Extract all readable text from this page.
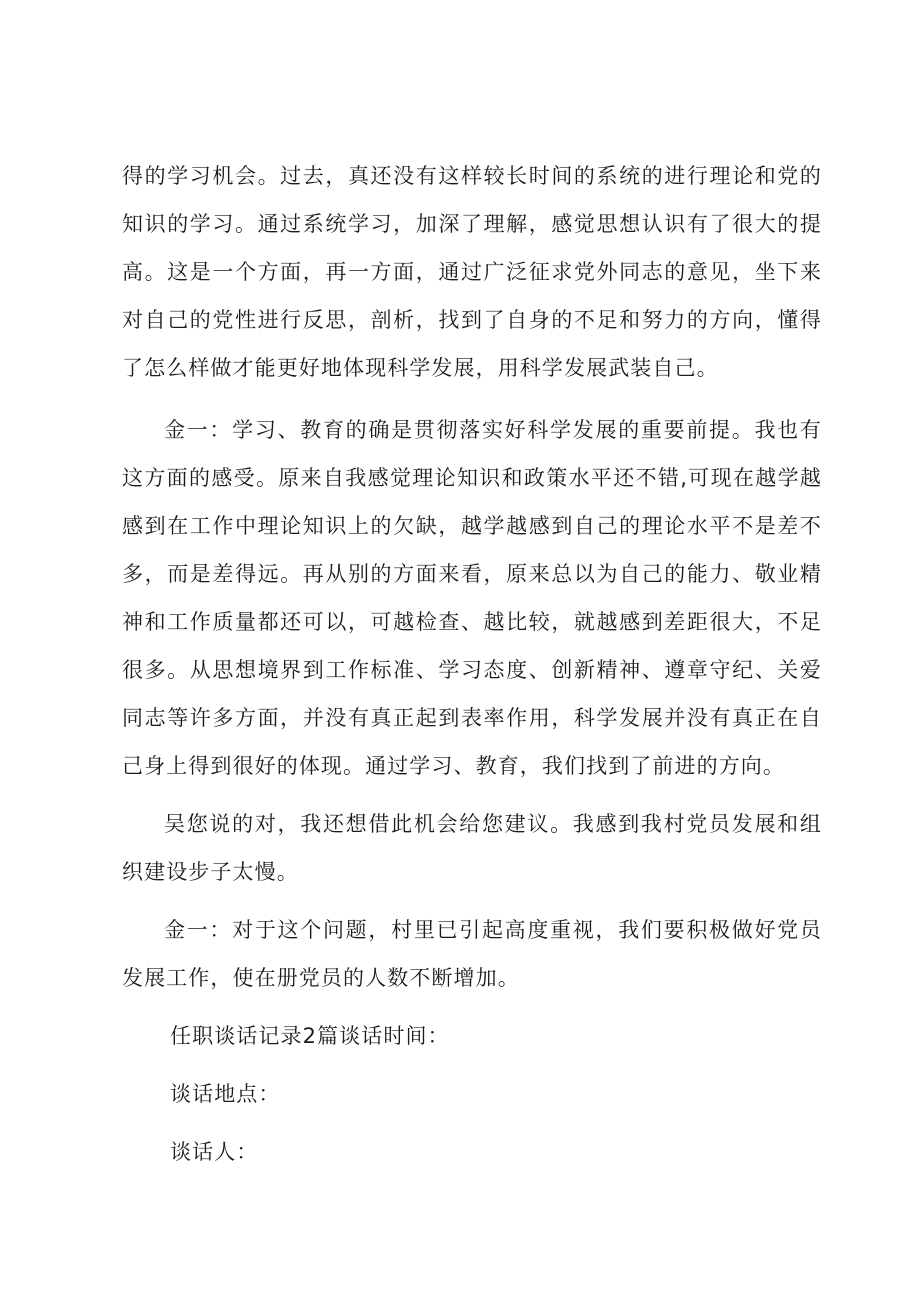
得的学习机会。过去，真还没有这样较长时间的系统的进行理论和党的知识的学习。通过系统学习，加深了理解，感觉思想认识有了很大的提高。这是一个方面，再一方面，通过广泛征求党外同志的意见，坐下来对自己的党性进行反思，剖析，找到了自身的不足和努力的方向，懂得了怎么样做才能更好地体现科学发展，用科学发展武装自己。

金一：学习、教育的确是贯彻落实好科学发展的重要前提。我也有这方面的感受。原来自我感觉理论知识和政策水平还不错,可现在越学越感到在工作中理论知识上的欠缺，越学越感到自己的理论水平不是差不多，而是差得远。再从别的方面来看，原来总以为自己的能力、敬业精神和工作质量都还可以，可越检查、越比较，就越感到差距很大，不足很多。从思想境界到工作标准、学习态度、创新精神、遵章守纪、关爱同志等许多方面，并没有真正起到表率作用，科学发展并没有真正在自己身上得到很好的体现。通过学习、教育，我们找到了前进的方向。

吴您说的对，我还想借此机会给您建议。我感到我村党员发展和组织建设步子太慢。

金一：对于这个问题，村里已引起高度重视，我们要积极做好党员发展工作，使在册党员的人数不断增加。

任职谈话记录2篇谈话时间：

谈话地点：

谈话人：
